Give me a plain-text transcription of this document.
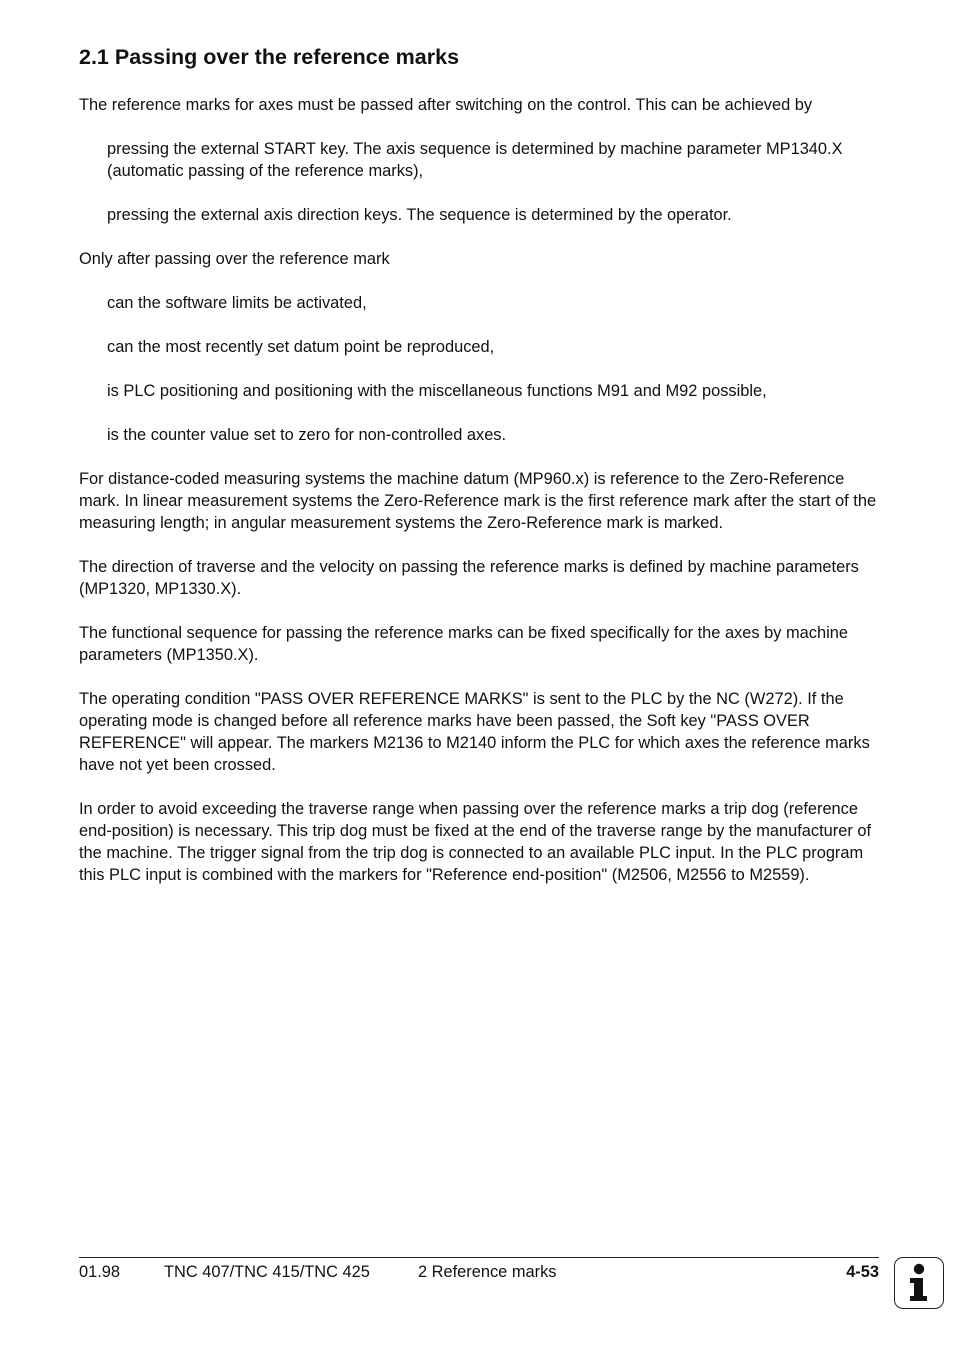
2.1 Passing over the reference marks

The reference marks for axes must be passed after switching on the control. This can be achieved by

pressing the external START key. The axis sequence is determined by machine parameter MP1340.X (automatic passing of the reference marks),

pressing the external axis direction keys. The sequence is determined by the operator.

Only after passing over the reference mark

can the software limits be activated,

can the most recently set datum point be reproduced,

is PLC positioning and positioning with the miscellaneous functions M91 and M92 possible,

is the counter value set to zero for non-controlled axes.

For distance-coded measuring systems the machine datum (MP960.x) is reference to the Zero-Reference mark. In linear measurement systems the Zero-Reference mark is the first reference mark after the start of the measuring length; in angular measurement systems the Zero-Reference mark is marked.

The direction of traverse and the velocity on passing the reference marks is defined by machine parameters (MP1320, MP1330.X).

The functional sequence for passing the reference marks can be fixed specifically for the axes by machine parameters (MP1350.X).

The operating condition "PASS OVER REFERENCE MARKS" is sent to the PLC by the NC (W272). If the operating mode is changed before all reference marks have been passed, the Soft key "PASS OVER REFERENCE" will appear. The markers M2136 to M2140 inform the PLC for which axes the reference marks have not yet been crossed.

In order to avoid exceeding the traverse range when passing over the reference marks a trip dog (reference end-position) is necessary. This trip dog must be fixed at the end of the traverse range by the manufacturer of the machine. The trigger signal from the trip dog is connected to an available PLC input. In the PLC program this PLC input is combined with the markers for "Reference end-position" (M2506, M2556 to M2559).

01.98	TNC 407/TNC 415/TNC 425	2 Reference marks	4-53
